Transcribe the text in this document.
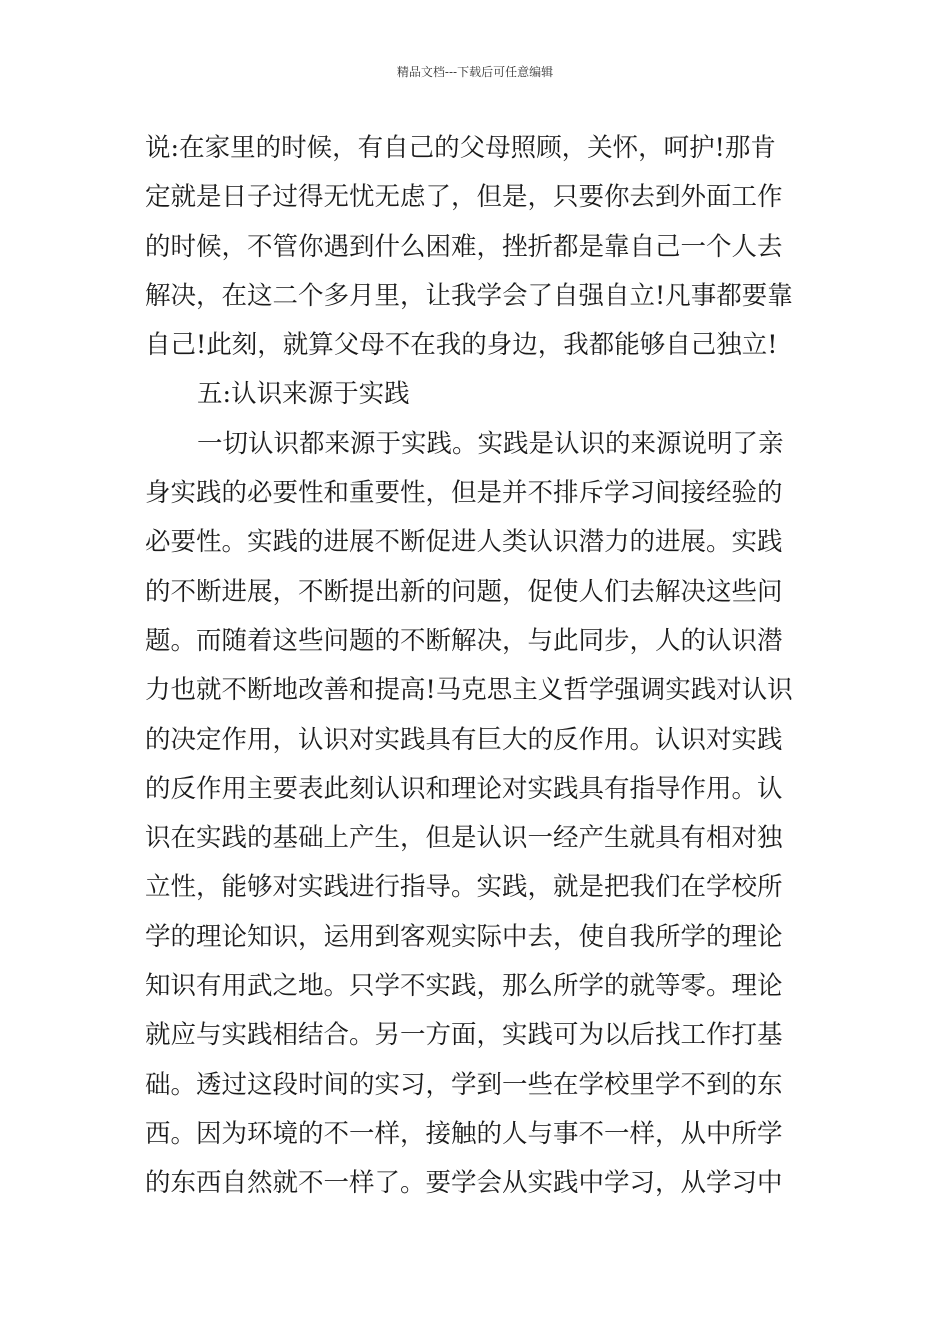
精品文档---下载后可任意编辑
说:在家里的时候，有自己的父母照顾，关怀，呵护!那肯
定就是日子过得无忧无虑了，但是，只要你去到外面工作
的时候，不管你遇到什么困难，挫折都是靠自己一个人去
解决，在这二个多月里，让我学会了自强自立!凡事都要靠
自己!此刻，就算父母不在我的身边，我都能够自己独立!
五:认识来源于实践
一切认识都来源于实践。实践是认识的来源说明了亲
身实践的必要性和重要性，但是并不排斥学习间接经验的
必要性。实践的进展不断促进人类认识潜力的进展。实践
的不断进展，不断提出新的问题，促使人们去解决这些问
题。而随着这些问题的不断解决，与此同步，人的认识潜
力也就不断地改善和提高!马克思主义哲学强调实践对认识
的决定作用，认识对实践具有巨大的反作用。认识对实践
的反作用主要表此刻认识和理论对实践具有指导作用。认
识在实践的基础上产生，但是认识一经产生就具有相对独
立性，能够对实践进行指导。实践，就是把我们在学校所
学的理论知识，运用到客观实际中去，使自我所学的理论
知识有用武之地。只学不实践，那么所学的就等零。理论
就应与实践相结合。另一方面，实践可为以后找工作打基
础。透过这段时间的实习，学到一些在学校里学不到的东
西。因为环境的不一样，接触的人与事不一样，从中所学
的东西自然就不一样了。要学会从实践中学习，从学习中
